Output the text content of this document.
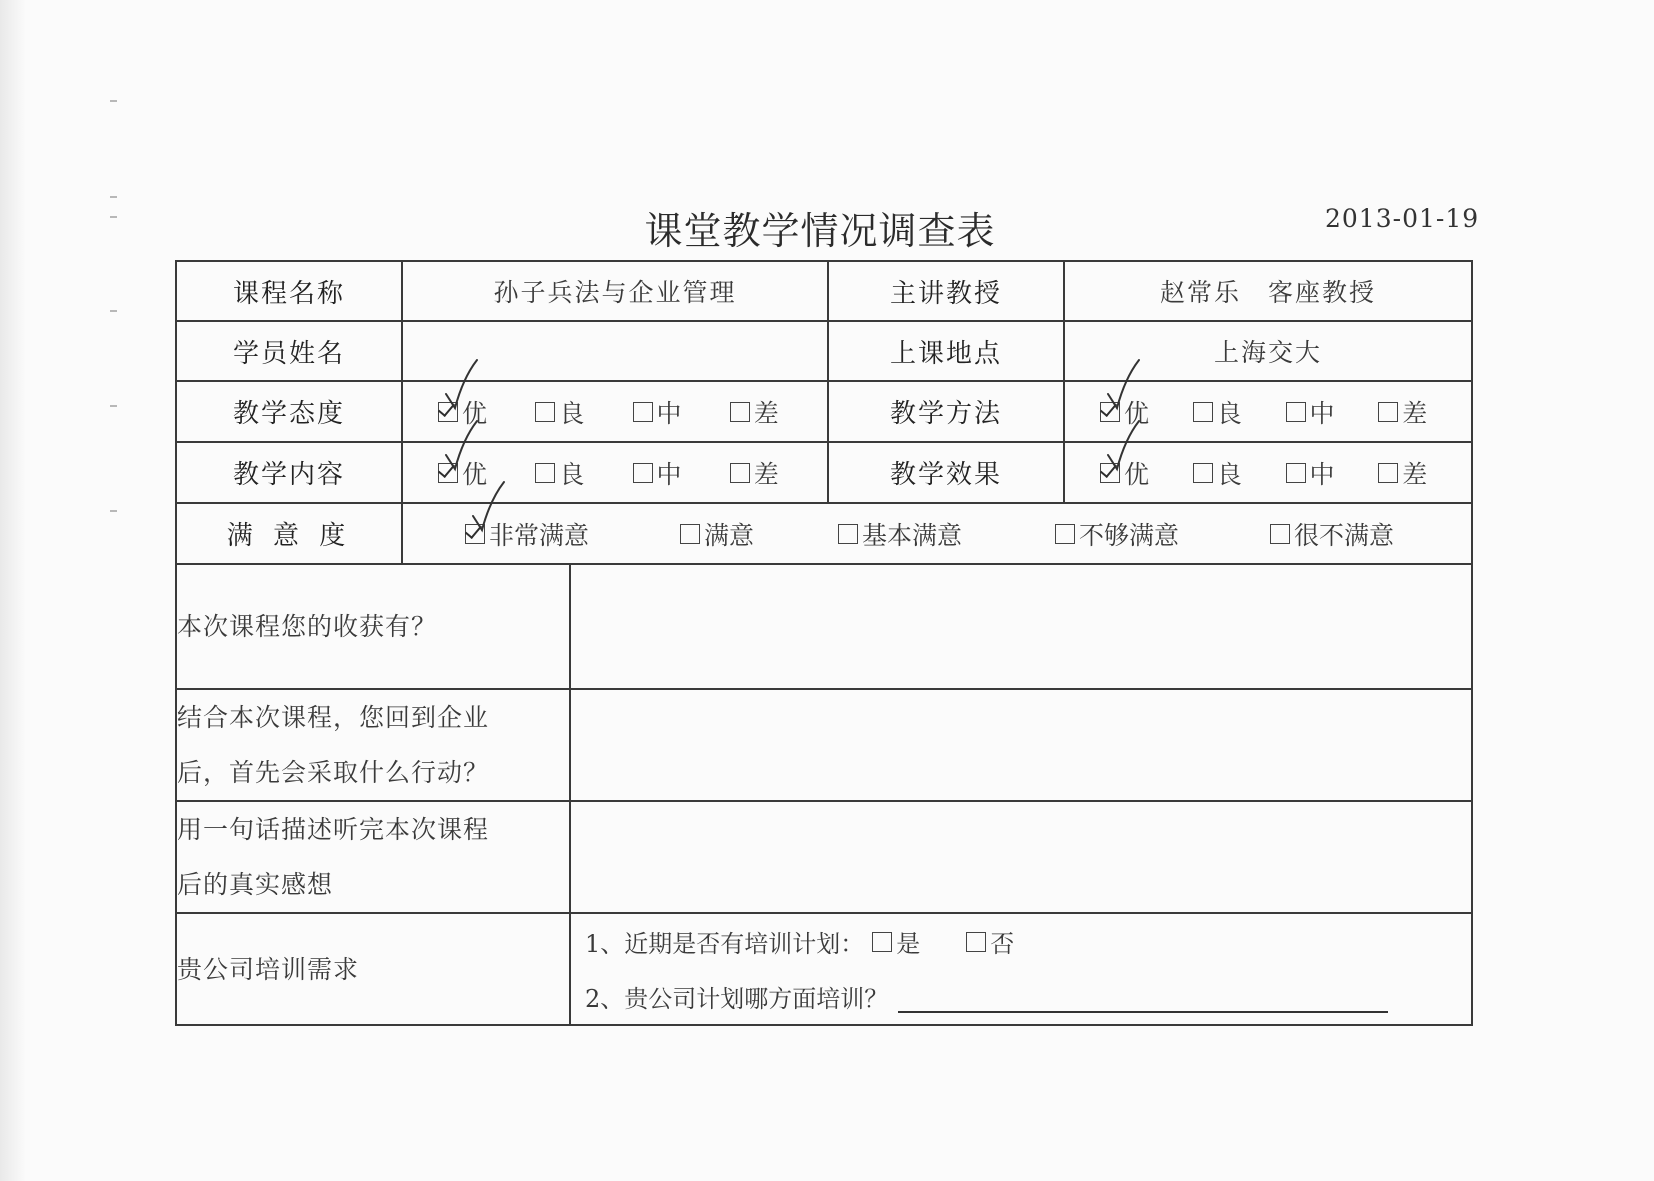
课堂教学情况调查表	2013-01-19
课程名称	孙子兵法与企业管理		主讲教授	赵常乐　客座教授
学员姓名			上课地点	上海交大
教学态度	优 良 中 差		教学方法	优 良 中 差

教学内容	优 良 中 差		教学效果	优 良 中 差

满 意 度	非常满意 满意 基本满意 不够满意 很不满意			

本次课程您的收获有？				

结合本次课程，您回到企业
后，首先会采取什么行动？				

用一句话描述听完本次课程
后的真实感想				

贵公司培训需求		1、近期是否有培训计划： 是 否
2、贵公司计划哪方面培训？		
